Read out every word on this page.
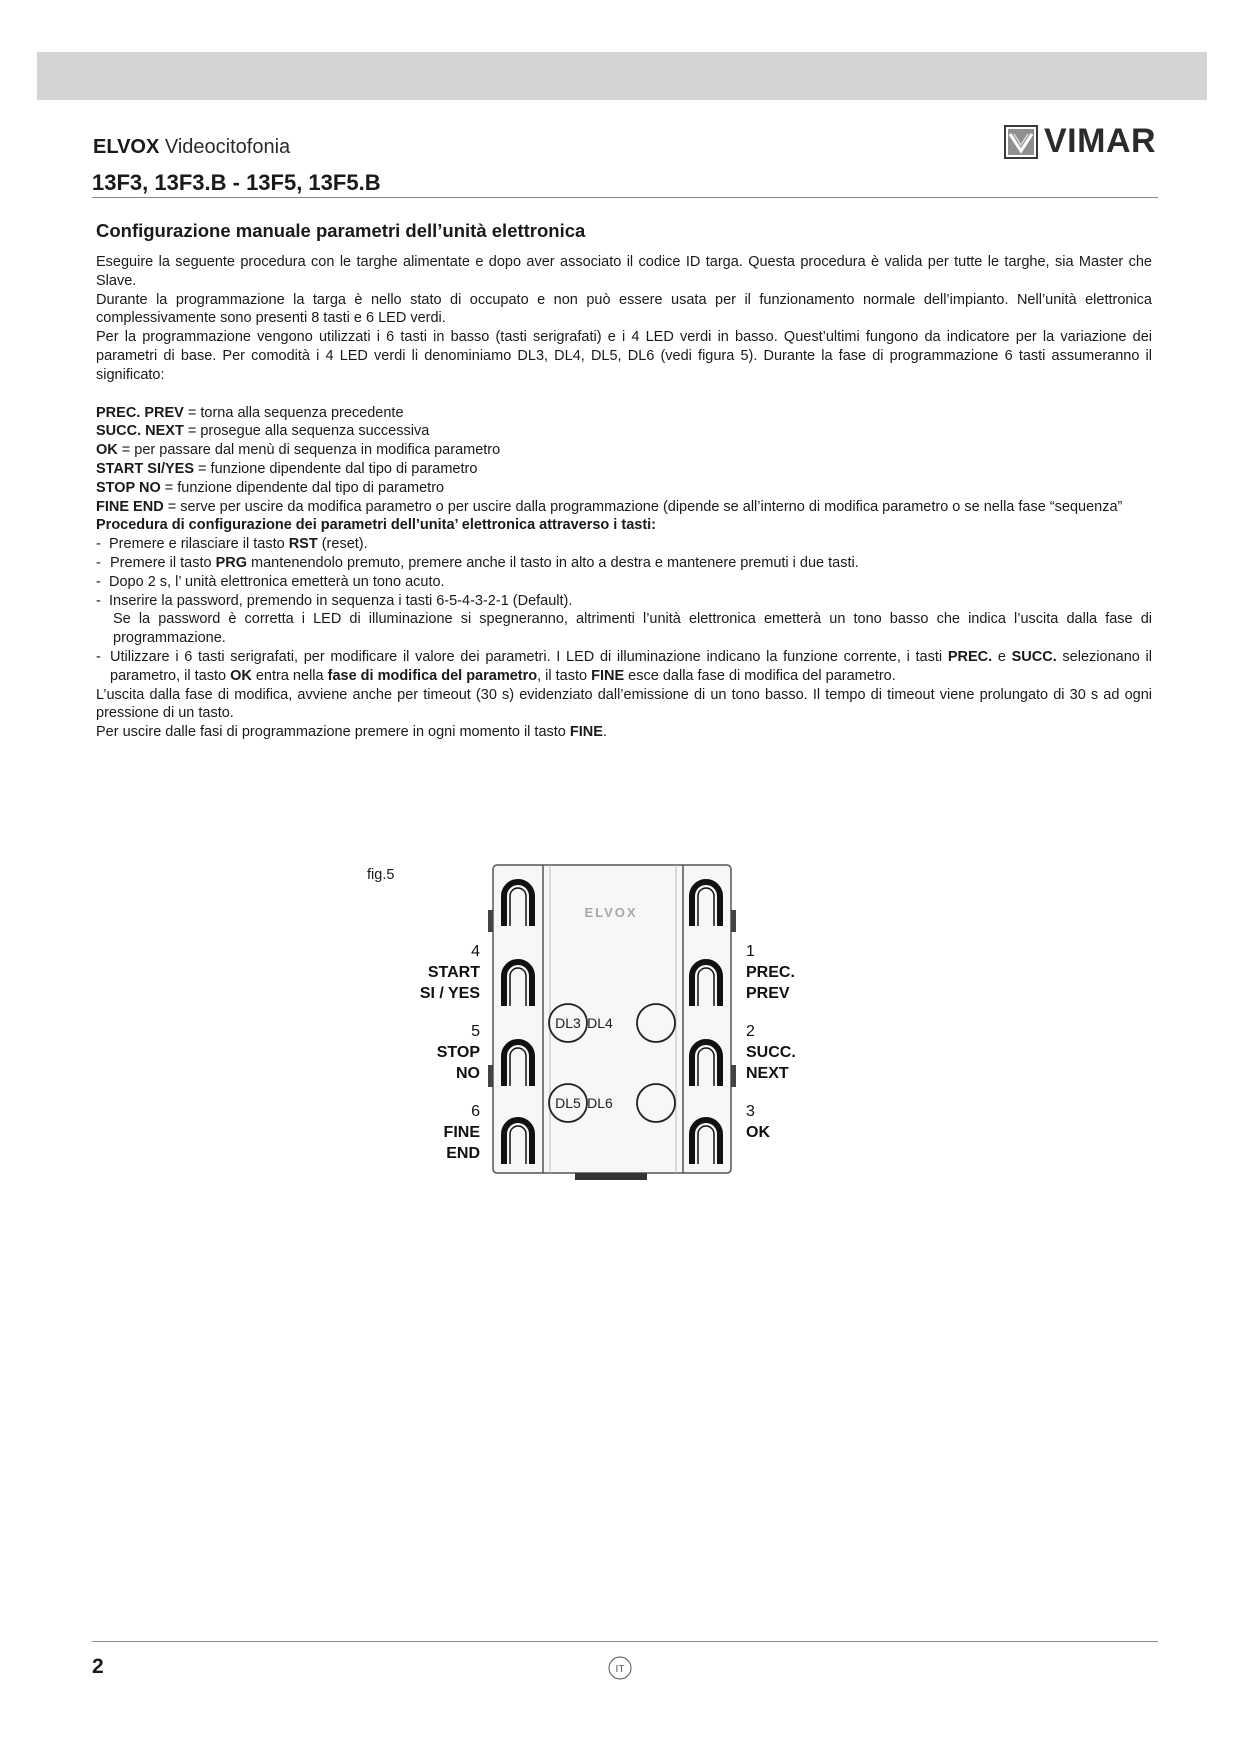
ELVOX Videocitofonia	VIMAR
13F3, 13F3.B - 13F5, 13F5.B
Configurazione manuale parametri dell’unità elettronica

Eseguire la seguente procedura con le targhe alimentate e dopo aver associato il codice ID targa. Questa procedura è valida per tutte le targhe, sia Master che Slave.

Durante la programmazione la targa è nello stato di occupato e non può essere usata per il funzionamento normale dell’impianto. Nell’unità elettronica complessivamente sono presenti 8 tasti e 6 LED verdi.

Per la programmazione vengono utilizzati i 6 tasti in basso (tasti serigrafati) e i 4 LED verdi in basso. Quest’ultimi fungono da indicatore per la variazione dei parametri di base. Per comodità i 4 LED verdi li denominiamo DL3, DL4, DL5, DL6 (vedi figura 5). Durante la fase di programmazione 6 tasti assumeranno il significato:

PREC. PREV = torna alla sequenza precedente

SUCC. NEXT = prosegue alla sequenza successiva

OK = per passare dal menù di sequenza in modifica parametro

START SI/YES = funzione dipendente dal tipo di parametro

STOP NO = funzione dipendente dal tipo di parametro

FINE END = serve per uscire da modifica parametro o per uscire dalla programmazione (dipende se all’interno di modifica parametro o se nella fase “sequenza”

Procedura di configurazione dei parametri dell’unita’ elettronica attraverso i tasti:

- Premere e rilasciare il tasto RST (reset).
- Premere il tasto PRG mantenendolo premuto, premere anche il tasto in alto a destra e mantenere premuti i due tasti.
- Dopo 2 s, l’ unità elettronica emetterà un tono acuto.
- Inserire la password, premendo in sequenza i tasti 6-5-4-3-2-1 (Default).
Se la password è corretta i LED di illuminazione si spegneranno, altrimenti l’unità elettronica emetterà un tono basso che indica l’uscita dalla fase di programmazione.
- Utilizzare i 6 tasti serigrafati, per modificare il valore dei parametri. I LED di illuminazione indicano la funzione corrente, i tasti PREC. e SUCC. selezionano il parametro, il tasto OK entra nella fase di modifica del parametro, il tasto FINE esce dalla fase di modifica del parametro.

L’uscita dalla fase di modifica, avviene anche per timeout (30 s) evidenziato dall’emissione di un tono basso. Il tempo di timeout viene prolungato di 30 s ad ogni pressione di un tasto.

Per uscire dalle fasi di programmazione premere in ogni momento il tasto FINE.

fig.5
ELVOX
DL3 DL4
DL5 DL6
4
START
SI / YES
5
STOP
NO
6
FINE
END
1
PREC.
PREV
2
SUCC.
NEXT
3
OK
2	IT
